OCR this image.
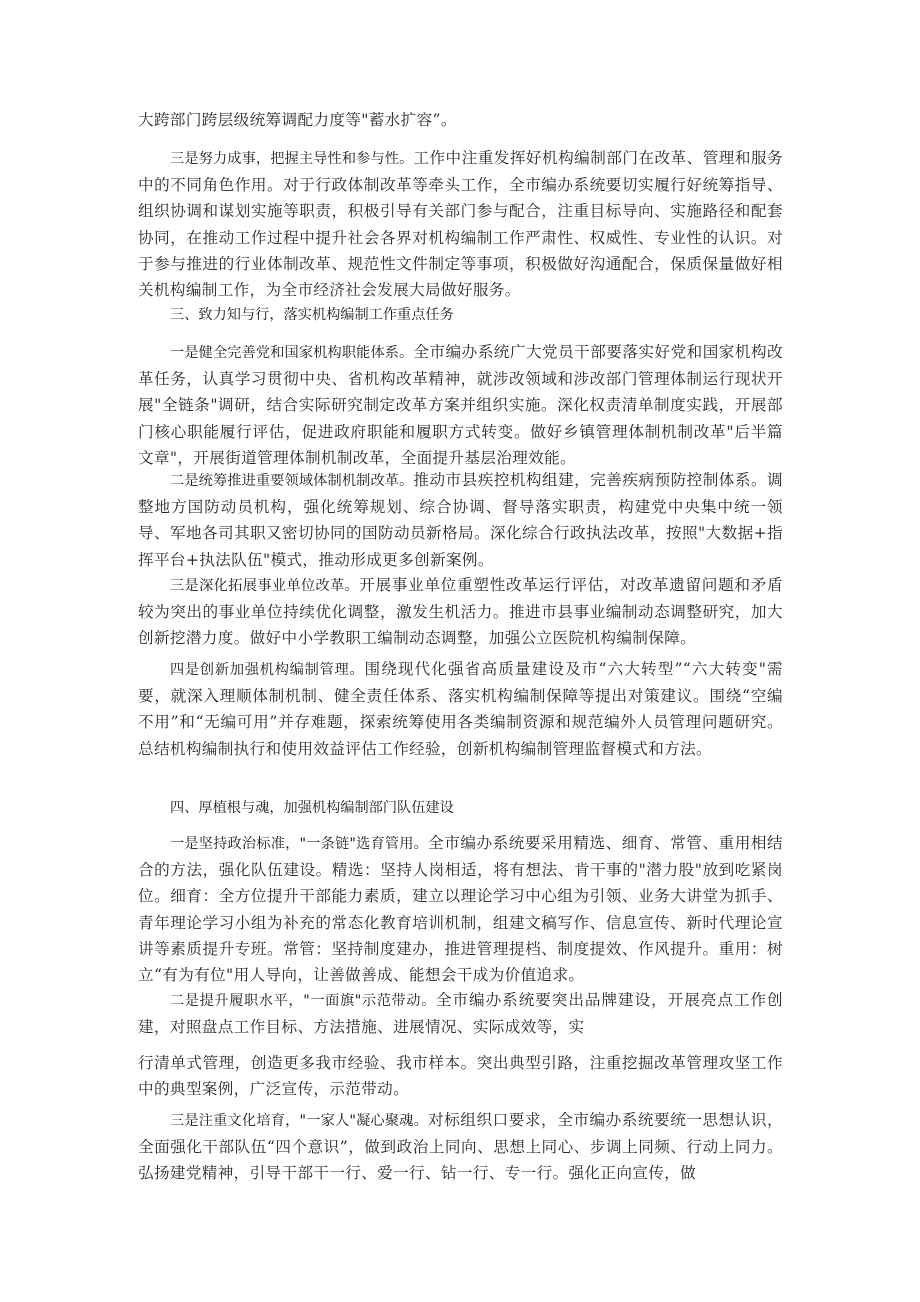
大跨部门跨层级统筹调配力度等"蓄水扩容”。

三是努力成事，把握主导性和参与性。工作中注重发挥好机构编制部门在改革、管理和服务中的不同角色作用。对于行政体制改革等牵头工作，全市编办系统要切实履行好统筹指导、组织协调和谋划实施等职责，积极引导有关部门参与配合，注重目标导向、实施路径和配套协同，在推动工作过程中提升社会各界对机构编制工作严肃性、权威性、专业性的认识。对于参与推进的行业体制改革、规范性文件制定等事项，积极做好沟通配合，保质保量做好相关机构编制工作，为全市经济社会发展大局做好服务。

三、致力知与行，落实机构编制工作重点任务

一是健全完善党和国家机构职能体系。全市编办系统广大党员干部要落实好党和国家机构改革任务，认真学习贯彻中央、省机构改革精神，就涉改领域和涉改部门管理体制运行现状开展"全链条"调研，结合实际研究制定改革方案并组织实施。深化权责清单制度实践，开展部门核心职能履行评估，促进政府职能和履职方式转变。做好乡镇管理体制机制改革"后半篇文章"，开展街道管理体制机制改革，全面提升基层治理效能。

二是统筹推进重要领域体制机制改革。推动市县疾控机构组建，完善疾病预防控制体系。调整地方国防动员机构，强化统筹规划、综合协调、督导落实职责，构建党中央集中统一领导、军地各司其职又密切协同的国防动员新格局。深化综合行政执法改革，按照"大数据+指挥平台+执法队伍"模式，推动形成更多创新案例。

三是深化拓展事业单位改革。开展事业单位重塑性改革运行评估，对改革遗留问题和矛盾较为突出的事业单位持续优化调整，激发生机活力。推进市县事业编制动态调整研究，加大创新挖潜力度。做好中小学教职工编制动态调整，加强公立医院机构编制保障。

四是创新加强机构编制管理。围绕现代化强省高质量建设及市“六大转型”“六大转变"需要，就深入理顺体制机制、健全责任体系、落实机构编制保障等提出对策建议。围绕“空编不用”和“无编可用”并存难题，探索统筹使用各类编制资源和规范编外人员管理问题研究。总结机构编制执行和使用效益评估工作经验，创新机构编制管理监督模式和方法。

四、厚植根与魂，加强机构编制部门队伍建设

一是坚持政治标准，"一条链"选育管用。全市编办系统要采用精选、细育、常管、重用相结合的方法，强化队伍建设。精选：坚持人岗相适，将有想法、肯干事的"潜力股"放到吃紧岗位。细育：全方位提升干部能力素质，建立以理论学习中心组为引领、业务大讲堂为抓手、青年理论学习小组为补充的常态化教育培训机制，组建文稿写作、信息宣传、新时代理论宣讲等素质提升专班。常管：坚持制度建办，推进管理提档、制度提效、作风提升。重用：树立“有为有位"用人导向，让善做善成、能想会干成为价值追求。

二是提升履职水平，"一面旗"示范带动。全市编办系统要突出品牌建设，开展亮点工作创建，对照盘点工作目标、方法措施、进展情况、实际成效等，实

行清单式管理，创造更多我市经验、我市样本。突出典型引路，注重挖掘改革管理攻坚工作中的典型案例，广泛宣传，示范带动。

三是注重文化培育，"一家人"凝心聚魂。对标组织口要求，全市编办系统要统一思想认识，全面强化干部队伍“四个意识”，做到政治上同向、思想上同心、步调上同频、行动上同力。弘扬建党精神，引导干部干一行、爱一行、钻一行、专一行。强化正向宣传，做
